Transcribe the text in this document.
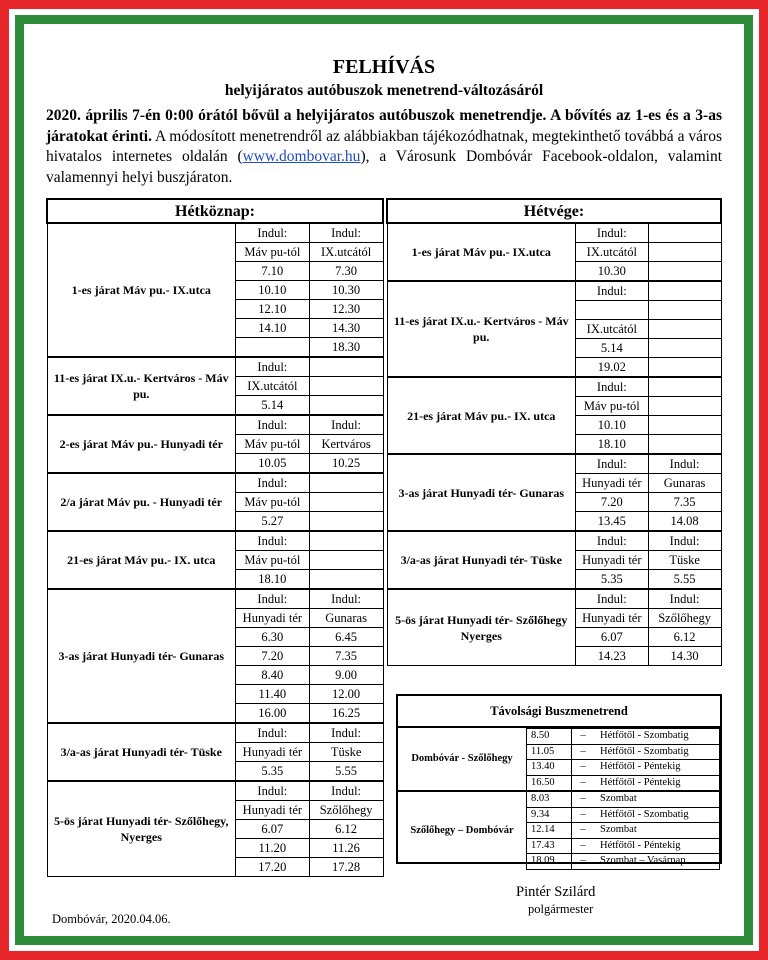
FELHÍVÁS
helyijáratos autóbuszok menetrend-változásáról
2020. április 7-én 0:00 órától bővül a helyijáratos autóbuszok menetrendje. A bővítés az 1-es és a 3-as járatokat érinti. A módosított menetrendről az alábbiakban tájékozódhatnak, megtekinthető továbbá a város hivatalos internetes oldalán (www.dombovar.hu), a Városunk Dombóvár Facebook-oldalon, valamint valamennyi helyi buszjáraton.
Hétköznap:		
1-es járat Máv pu.- IX.utca	Indul:	Indul:
	Máv pu-tól	IX.utcától
	7.10	7.30
	10.10	10.30
	12.10	12.30
	14.10	14.30
		18.30
11-es járat IX.u.- Kertváros - Máv pu.	Indul:	
	IX.utcától	
	5.14	
2-es járat Máv pu.- Hunyadi tér	Indul:	Indul:
	Máv pu-tól	Kertváros
	10.05	10.25
2/a járat Máv pu. - Hunyadi tér	Indul:	
	Máv pu-tól	
	5.27	
21-es járat Máv pu.- IX. utca	Indul:	
	Máv pu-tól	
	18.10	
3-as járat Hunyadi tér- Gunaras	Indul:	Indul:
	Hunyadi tér	Gunaras
	6.30	6.45
	7.20	7.35
	8.40	9.00
	11.40	12.00
	16.00	16.25
3/a-as járat Hunyadi tér- Tüske	Indul:	Indul:
	Hunyadi tér	Tüske
	5.35	5.55
5-ös járat Hunyadi tér- Szőlőhegy, Nyerges	Indul:	Indul:
	Hunyadi tér	Szőlőhegy
	6.07	6.12
	11.20	11.26
	17.20	17.28
Hétvége:		
1-es járat Máv pu.- IX.utca	Indul:	
	IX.utcától	
	10.30	
11-es járat IX.u.- Kertváros - Máv pu.	Indul:	

	IX.utcától	
	5.14	
	19.02	
21-es járat Máv pu.- IX. utca	Indul:	
	Máv pu-tól	
	10.10	
	18.10	
3-as járat Hunyadi tér- Gunaras	Indul:	Indul:
	Hunyadi tér	Gunaras
	7.20	7.35
	13.45	14.08
3/a-as járat Hunyadi tér- Tüske	Indul:	Indul:
	Hunyadi tér	Tüske
	5.35	5.55
5-ös járat Hunyadi tér- Szőlőhegy Nyerges	Indul:	Indul:
	Hunyadi tér	Szőlőhegy
	6.07	6.12
	14.23	14.30
Távolsági Buszmenetrend
Dombóvár - Szőlőhegy	8.50	–	Hétfőtől - Szombatig
	11.05	–	Hétfőtől - Szombatig
	13.40	–	Hétfőtől - Péntekig
	16.50	–	Hétfőtől - Péntekig
Szőlőhegy – Dombóvár	8.03	–	Szombat
	9.34	–	Hétfőtől - Szombatig
	12.14	–	Szombat
	17.43	–	Hétfőtől - Péntekig
	18.09	–	Szombat – Vasárnap
Pintér Szilárd
polgármester
Dombóvár, 2020.04.06.
